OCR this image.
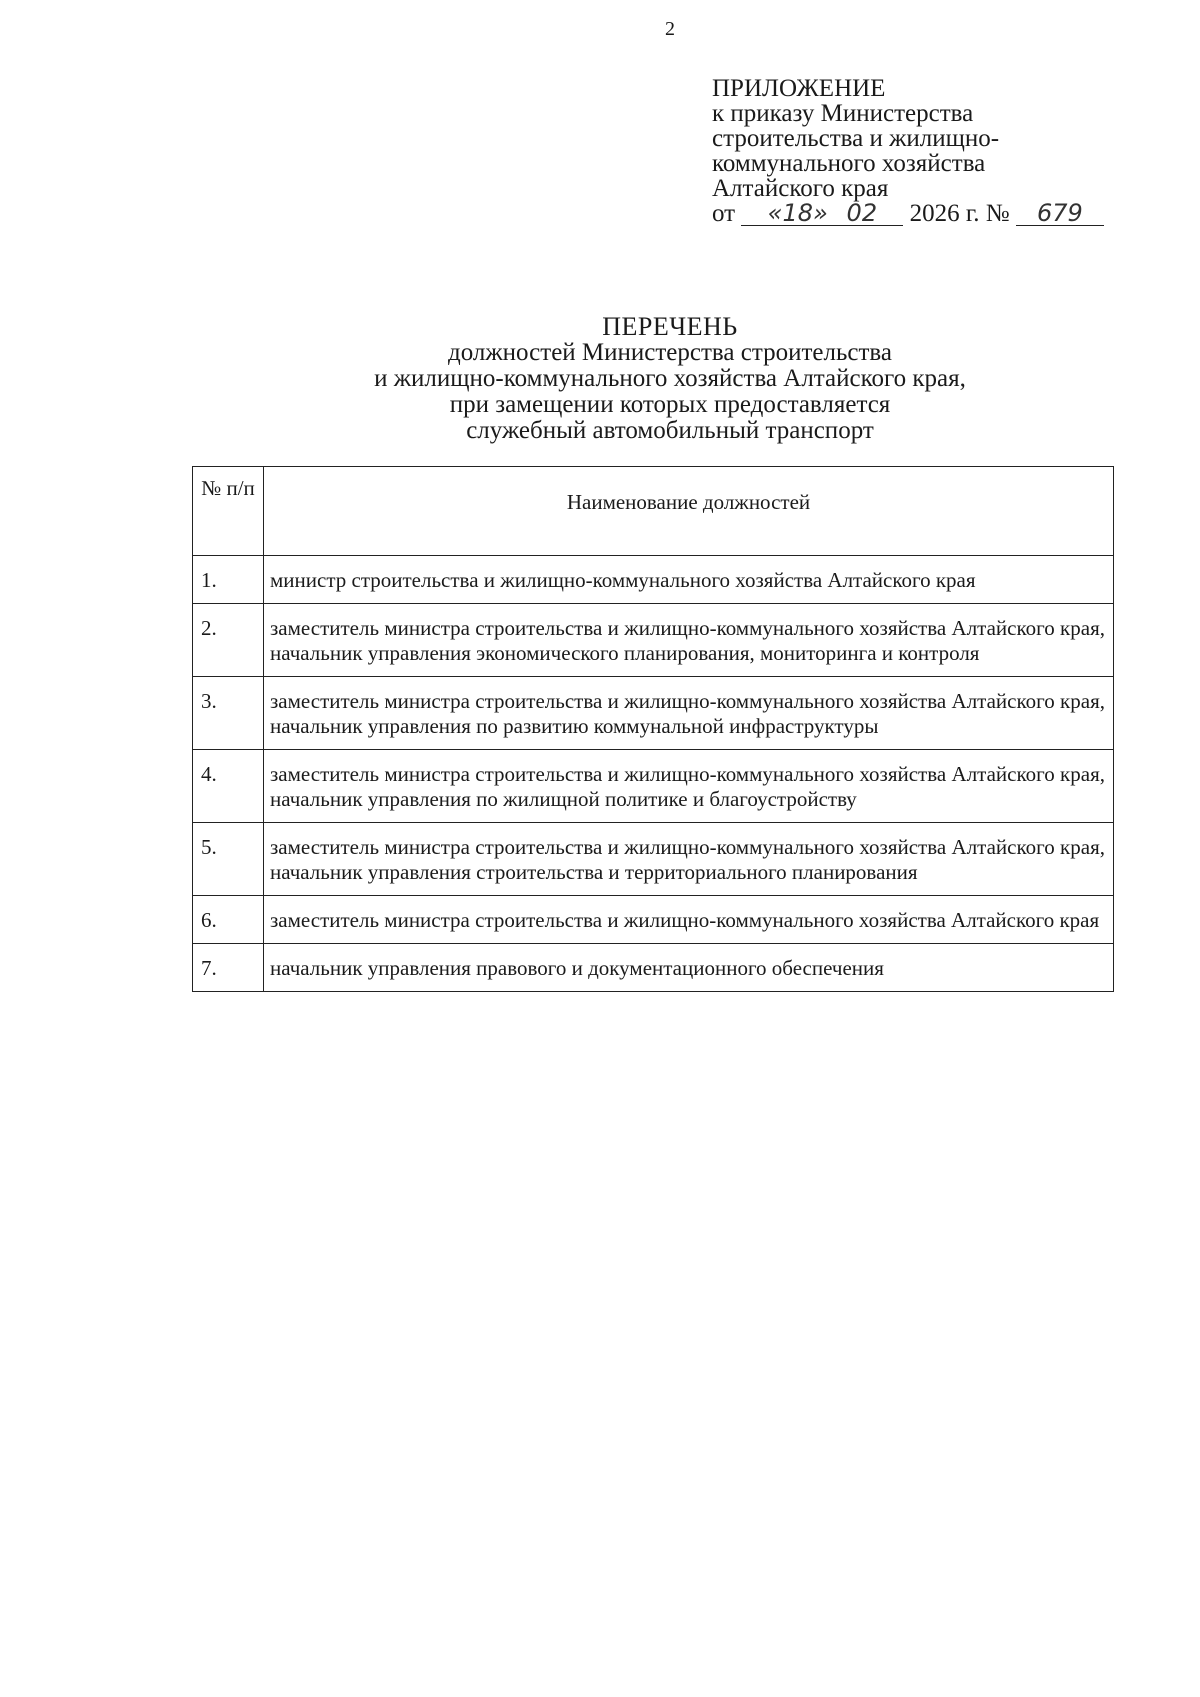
2
ПРИЛОЖЕНИЕ
к приказу Министерства
строительства и жилищно-
коммунального хозяйства
Алтайского края
от «18» 02 2026 г. № 679
ПЕРЕЧЕНЬ
должностей Министерства строительства
и жилищно-коммунального хозяйства Алтайского края,
при замещении которых предоставляется
служебный автомобильный транспорт
№ п/п	Наименование должностей
1.	министр строительства и жилищно-коммунального хозяйства Алтайского края
2.	заместитель министра строительства и жилищно-коммунального хозяйства Алтайского края, начальник управления экономического планирования, мониторинга и контроля
3.	заместитель министра строительства и жилищно-коммунального хозяйства Алтайского края, начальник управления по развитию коммунальной инфраструктуры
4.	заместитель министра строительства и жилищно-коммунального хозяйства Алтайского края, начальник управления по жилищной политике и благоустройству
5.	заместитель министра строительства и жилищно-коммунального хозяйства Алтайского края, начальник управления строительства и территориального планирования
6.	заместитель министра строительства и жилищно-коммунального хозяйства Алтайского края
7.	начальник управления правового и документационного обеспечения
